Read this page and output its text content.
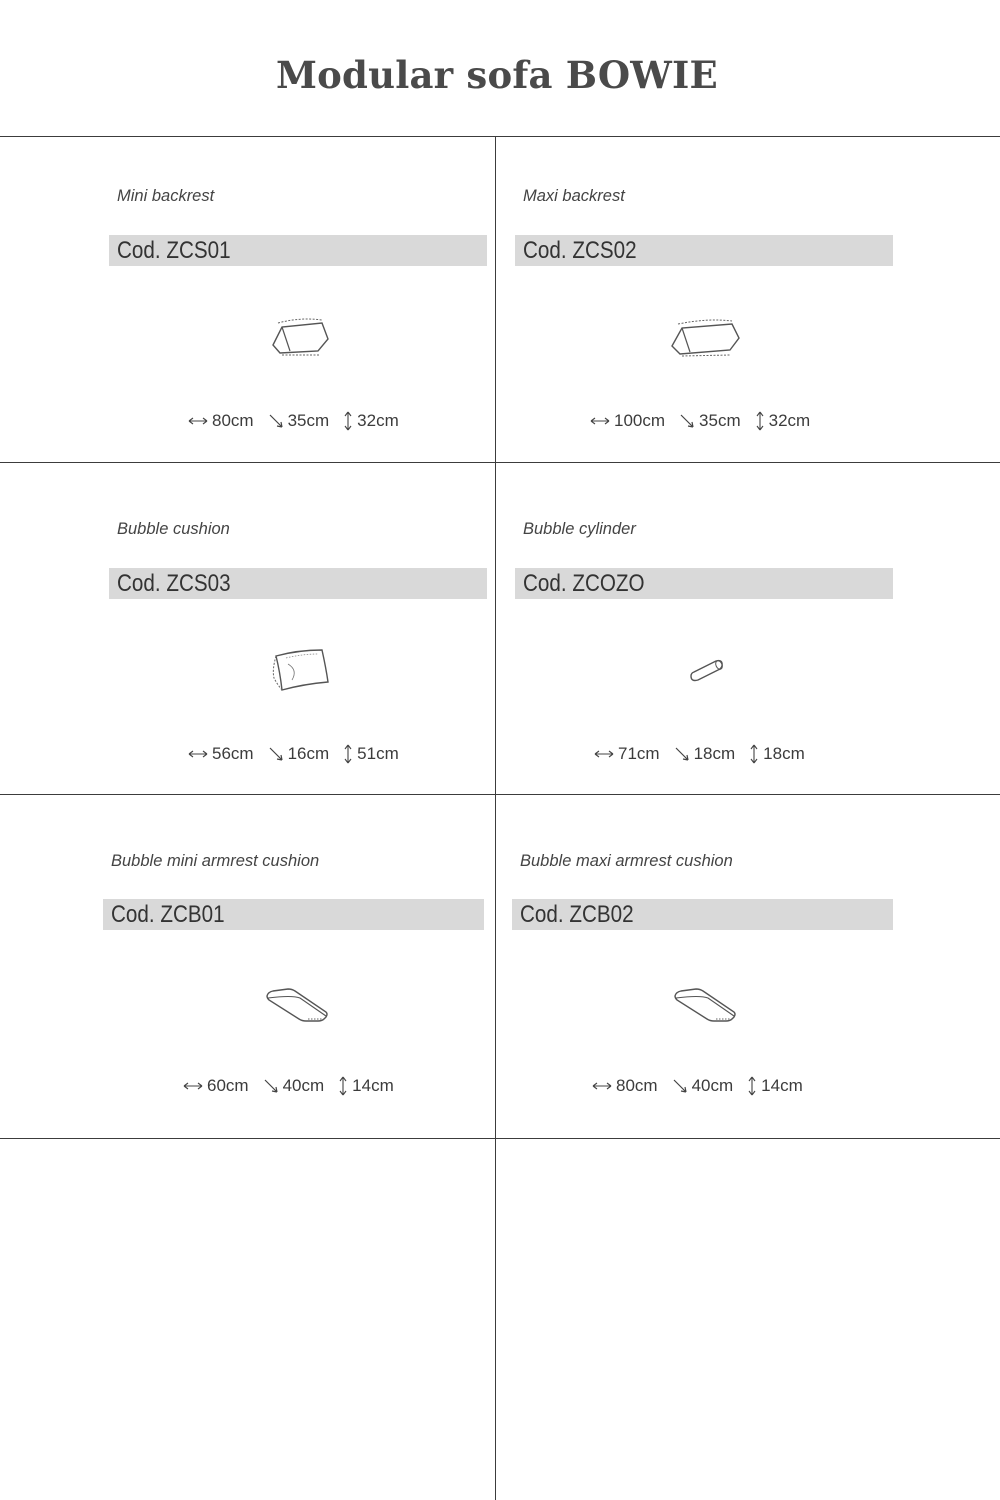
Modular sofa BOWIE
Mini backrest
Cod. ZCS01
80cm 35cm 32cm
Maxi backrest
Cod. ZCS02
100cm 35cm 32cm
Bubble cushion
Cod. ZCS03
56cm 16cm 51cm
Bubble cylinder
Cod. ZCOZO
71cm 18cm 18cm
Bubble mini armrest cushion
Cod. ZCB01
60cm 40cm 14cm
Bubble maxi armrest cushion
Cod. ZCB02
80cm 40cm 14cm
